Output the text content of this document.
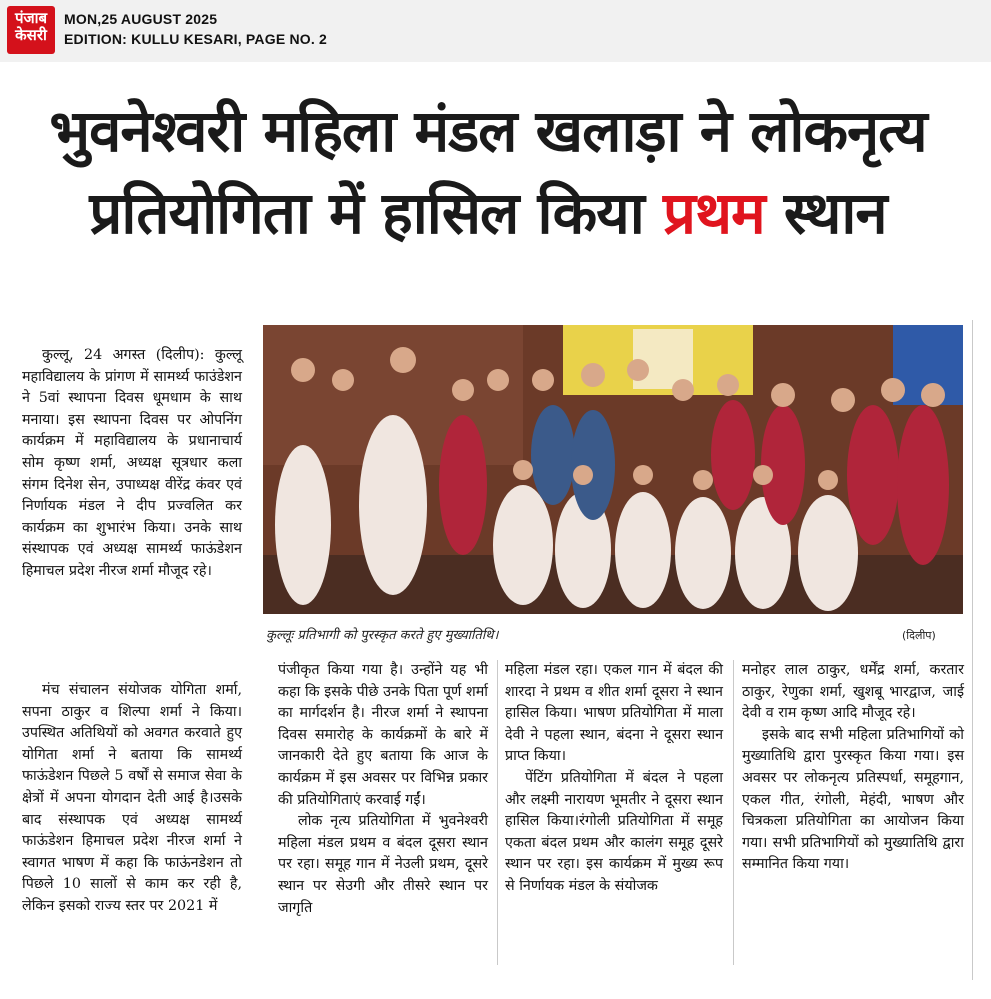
पंजाब
केसरी
MON,25 AUGUST 2025
EDITION: KULLU KESARI, PAGE NO. 2
भुवनेश्वरी महिला मंडल खलाड़ा ने लोकनृत्य
प्रतियोगिता में हासिल किया प्रथम स्थान
कुल्लूः प्रतिभागी को पुरस्कृत करते हुए मुख्यातिथि।	(दिलीप)

कुल्लू, 24 अगस्त (दिलीप): कुल्लू महाविद्यालय के प्रांगण में सामर्थ्य फाउंडेशन ने 5वां स्थापना दिवस धूमधाम के साथ मनाया। इस स्थापना दिवस पर ओपनिंग कार्यक्रम में महाविद्यालय के प्रधानाचार्य सोम कृष्ण शर्मा, अध्यक्ष सूत्रधार कला संगम दिनेश सेन, उपाध्यक्ष वीरेंद्र कंवर एवं निर्णायक मंडल ने दीप प्रज्वलित कर कार्यक्रम का शुभारंभ किया। उनके साथ संस्थापक एवं अध्यक्ष सामर्थ्य फाऊंडेशन हिमाचल प्रदेश नीरज शर्मा मौजूद रहे।

मंच संचालन संयोजक योगिता शर्मा, सपना ठाकुर व शिल्पा शर्मा ने किया। उपस्थित अतिथियों को अवगत करवाते हुए योगिता शर्मा ने बताया कि सामर्थ्य फाऊंडेशन पिछले 5 वर्षों से समाज सेवा के क्षेत्रों में अपना योगदान देती आई है।उसके बाद संस्थापक एवं अध्यक्ष सामर्थ्य फाऊंडेशन हिमाचल प्रदेश नीरज शर्मा ने स्वागत भाषण में कहा कि फाऊंनडेशन तो पिछले 10 सालों से काम कर रही है, लेकिन इसको राज्य स्तर पर 2021 में

पंजीकृत किया गया है। उन्होंने यह भी कहा कि इसके पीछे उनके पिता पूर्ण शर्मा का मार्गदर्शन है। नीरज शर्मा ने स्थापना दिवस समारोह के कार्यक्रमों के बारे में जानकारी देते हुए बताया कि आज के कार्यक्रम में इस अवसर पर विभिन्न प्रकार की प्रतियोगिताएं करवाई गईं।

लोक नृत्य प्रतियोगिता में भुवनेश्वरी महिला मंडल प्रथम व बंदल दूसरा स्थान पर रहा। समूह गान में नेउली प्रथम, दूसरे स्थान पर सेउगी और तीसरे स्थान पर जागृति

महिला मंडल रहा। एकल गान में बंदल की शारदा ने प्रथम व शीत शर्मा दूसरा ने स्थान हासिल किया। भाषण प्रतियोगिता में माला देवी ने पहला स्थान, बंदना ने दूसरा स्थान प्राप्त किया।

पेंटिंग प्रतियोगिता में बंदल ने पहला और लक्ष्मी नारायण भूमतीर ने दूसरा स्थान हासिल किया।रंगोली प्रतियोगिता में समूह एकता बंदल प्रथम और कालंग समूह दूसरे स्थान पर रहा। इस कार्यक्रम में मुख्य रूप से निर्णायक मंडल के संयोजक

मनोहर लाल ठाकुर, धर्मेंद्र शर्मा, करतार ठाकुर, रेणुका शर्मा, खुशबू भारद्वाज, जाई देवी व राम कृष्ण आदि मौजूद रहे।

इसके बाद सभी महिला प्रतिभागियों को मुख्यातिथि द्वारा पुरस्कृत किया गया। इस अवसर पर लोकनृत्य प्रतिस्पर्धा, समूहगान, एकल गीत, रंगोली, मेहंदी, भाषण और चित्रकला प्रतियोगिता का आयोजन किया गया। सभी प्रतिभागियों को मुख्यातिथि द्वारा सम्मानित किया गया।
